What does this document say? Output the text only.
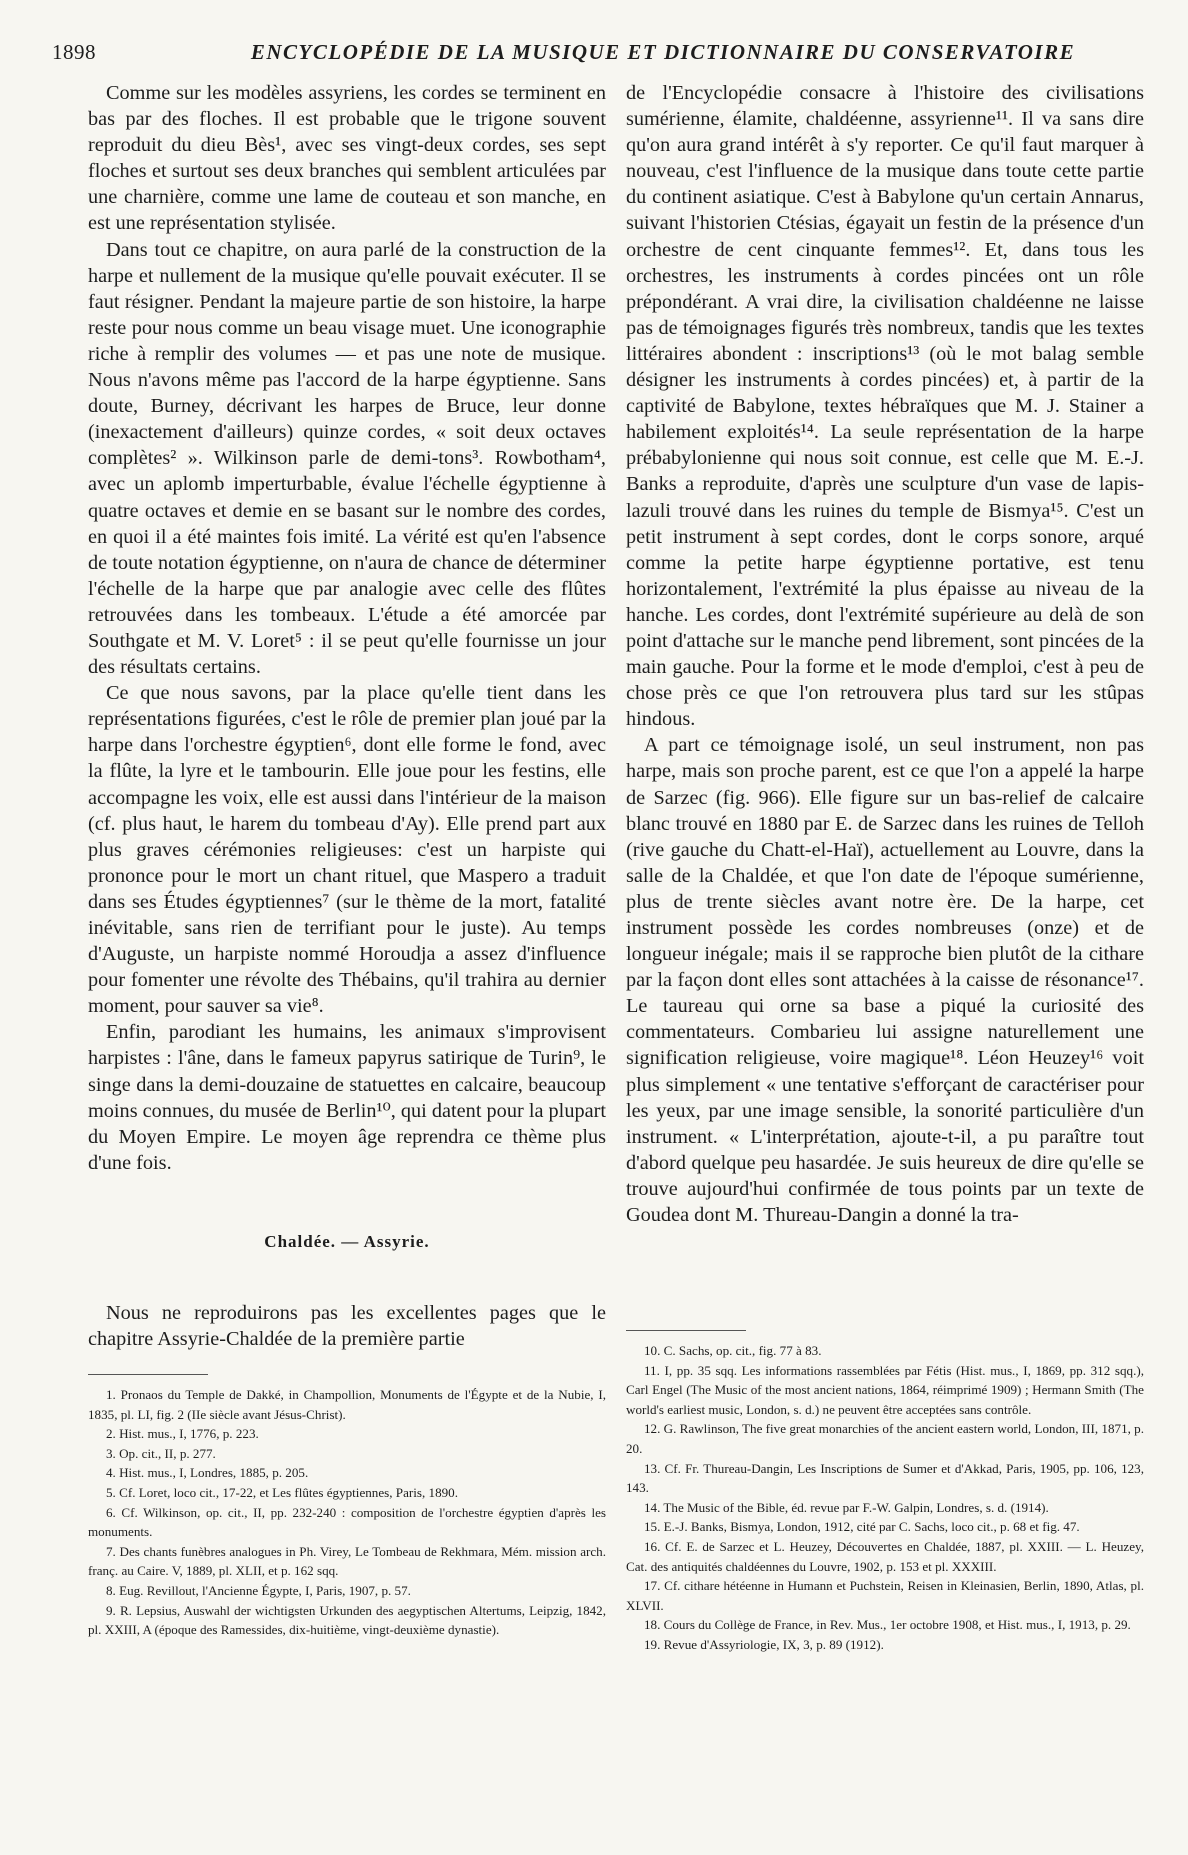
1898	ENCYCLOPÉDIE DE LA MUSIQUE ET DICTIONNAIRE DU CONSERVATOIRE

Comme sur les modèles assyriens, les cordes se terminent en bas par des floches. Il est probable que le trigone souvent reproduit du dieu Bès¹, avec ses vingt-deux cordes, ses sept floches et surtout ses deux branches qui semblent articulées par une charnière, comme une lame de couteau et son manche, en est une représentation stylisée.

Dans tout ce chapitre, on aura parlé de la construction de la harpe et nullement de la musique qu'elle pouvait exécuter. Il se faut résigner. Pendant la majeure partie de son histoire, la harpe reste pour nous comme un beau visage muet. Une iconographie riche à remplir des volumes — et pas une note de musique. Nous n'avons même pas l'accord de la harpe égyptienne. Sans doute, Burney, décrivant les harpes de Bruce, leur donne (inexactement d'ailleurs) quinze cordes, « soit deux octaves complètes² ». Wilkinson parle de demi-tons³. Rowbotham⁴, avec un aplomb imperturbable, évalue l'échelle égyptienne à quatre octaves et demie en se basant sur le nombre des cordes, en quoi il a été maintes fois imité. La vérité est qu'en l'absence de toute notation égyptienne, on n'aura de chance de déterminer l'échelle de la harpe que par analogie avec celle des flûtes retrouvées dans les tombeaux. L'étude a été amorcée par Southgate et M. V. Loret⁵ : il se peut qu'elle fournisse un jour des résultats certains.

Ce que nous savons, par la place qu'elle tient dans les représentations figurées, c'est le rôle de premier plan joué par la harpe dans l'orchestre égyptien⁶, dont elle forme le fond, avec la flûte, la lyre et le tambourin. Elle joue pour les festins, elle accompagne les voix, elle est aussi dans l'intérieur de la maison (cf. plus haut, le harem du tombeau d'Ay). Elle prend part aux plus graves cérémonies religieuses: c'est un harpiste qui prononce pour le mort un chant rituel, que Maspero a traduit dans ses Études égyptiennes⁷ (sur le thème de la mort, fatalité inévitable, sans rien de terrifiant pour le juste). Au temps d'Auguste, un harpiste nommé Horoudja a assez d'influence pour fomenter une révolte des Thébains, qu'il trahira au dernier moment, pour sauver sa vie⁸.

Enfin, parodiant les humains, les animaux s'improvisent harpistes : l'âne, dans le fameux papyrus satirique de Turin⁹, le singe dans la demi-douzaine de statuettes en calcaire, beaucoup moins connues, du musée de Berlin¹⁰, qui datent pour la plupart du Moyen Empire. Le moyen âge reprendra ce thème plus d'une fois.

Chaldée. — Assyrie.

Nous ne reproduirons pas les excellentes pages que le chapitre Assyrie-Chaldée de la première partie

de l'Encyclopédie consacre à l'histoire des civilisations sumérienne, élamite, chaldéenne, assyrienne¹¹. Il va sans dire qu'on aura grand intérêt à s'y reporter. Ce qu'il faut marquer à nouveau, c'est l'influence de la musique dans toute cette partie du continent asiatique. C'est à Babylone qu'un certain Annarus, suivant l'historien Ctésias, égayait un festin de la présence d'un orchestre de cent cinquante femmes¹². Et, dans tous les orchestres, les instruments à cordes pincées ont un rôle prépondérant. A vrai dire, la civilisation chaldéenne ne laisse pas de témoignages figurés très nombreux, tandis que les textes littéraires abondent : inscriptions¹³ (où le mot balag semble désigner les instruments à cordes pincées) et, à partir de la captivité de Babylone, textes hébraïques que M. J. Stainer a habilement exploités¹⁴. La seule représentation de la harpe prébabylonienne qui nous soit connue, est celle que M. E.-J. Banks a reproduite, d'après une sculpture d'un vase de lapis-lazuli trouvé dans les ruines du temple de Bismya¹⁵. C'est un petit instrument à sept cordes, dont le corps sonore, arqué comme la petite harpe égyptienne portative, est tenu horizontalement, l'extrémité la plus épaisse au niveau de la hanche. Les cordes, dont l'extrémité supérieure au delà de son point d'attache sur le manche pend librement, sont pincées de la main gauche. Pour la forme et le mode d'emploi, c'est à peu de chose près ce que l'on retrouvera plus tard sur les stûpas hindous.

A part ce témoignage isolé, un seul instrument, non pas harpe, mais son proche parent, est ce que l'on a appelé la harpe de Sarzec (fig. 966). Elle figure sur un bas-relief de calcaire blanc trouvé en 1880 par E. de Sarzec dans les ruines de Telloh (rive gauche du Chatt-el-Haï), actuellement au Louvre, dans la salle de la Chaldée, et que l'on date de l'époque sumérienne, plus de trente siècles avant notre ère. De la harpe, cet instrument possède les cordes nombreuses (onze) et de longueur inégale; mais il se rapproche bien plutôt de la cithare par la façon dont elles sont attachées à la caisse de résonance¹⁷. Le taureau qui orne sa base a piqué la curiosité des commentateurs. Combarieu lui assigne naturellement une signification religieuse, voire magique¹⁸. Léon Heuzey¹⁶ voit plus simplement « une tentative s'efforçant de caractériser pour les yeux, par une image sensible, la sonorité particulière d'un instrument. « L'interprétation, ajoute-t-il, a pu paraître tout d'abord quelque peu hasardée. Je suis heureux de dire qu'elle se trouve aujourd'hui confirmée de tous points par un texte de Goudea dont M. Thureau-Dangin a donné la tra-

1. Pronaos du Temple de Dakké, in Champollion, Monuments de l'Égypte et de la Nubie, I, 1835, pl. LI, fig. 2 (IIe siècle avant Jésus-Christ).

2. Hist. mus., I, 1776, p. 223.

3. Op. cit., II, p. 277.

4. Hist. mus., I, Londres, 1885, p. 205.

5. Cf. Loret, loco cit., 17-22, et Les flûtes égyptiennes, Paris, 1890.

6. Cf. Wilkinson, op. cit., II, pp. 232-240 : composition de l'orchestre égyptien d'après les monuments.

7. Des chants funèbres analogues in Ph. Virey, Le Tombeau de Rekhmara, Mém. mission arch. franç. au Caire. V, 1889, pl. XLII, et p. 162 sqq.

8. Eug. Revillout, l'Ancienne Égypte, I, Paris, 1907, p. 57.

9. R. Lepsius, Auswahl der wichtigsten Urkunden des aegyptischen Altertums, Leipzig, 1842, pl. XXIII, A (époque des Ramessides, dix-huitième, vingt-deuxième dynastie).

10. C. Sachs, op. cit., fig. 77 à 83.

11. I, pp. 35 sqq. Les informations rassemblées par Fétis (Hist. mus., I, 1869, pp. 312 sqq.), Carl Engel (The Music of the most ancient nations, 1864, réimprimé 1909) ; Hermann Smith (The world's earliest music, London, s. d.) ne peuvent être acceptées sans contrôle.

12. G. Rawlinson, The five great monarchies of the ancient eastern world, London, III, 1871, p. 20.

13. Cf. Fr. Thureau-Dangin, Les Inscriptions de Sumer et d'Akkad, Paris, 1905, pp. 106, 123, 143.

14. The Music of the Bible, éd. revue par F.-W. Galpin, Londres, s. d. (1914).

15. E.-J. Banks, Bismya, London, 1912, cité par C. Sachs, loco cit., p. 68 et fig. 47.

16. Cf. E. de Sarzec et L. Heuzey, Découvertes en Chaldée, 1887, pl. XXIII. — L. Heuzey, Cat. des antiquités chaldéennes du Louvre, 1902, p. 153 et pl. XXXIII.

17. Cf. cithare hétéenne in Humann et Puchstein, Reisen in Kleinasien, Berlin, 1890, Atlas, pl. XLVII.

18. Cours du Collège de France, in Rev. Mus., 1er octobre 1908, et Hist. mus., I, 1913, p. 29.

19. Revue d'Assyriologie, IX, 3, p. 89 (1912).
